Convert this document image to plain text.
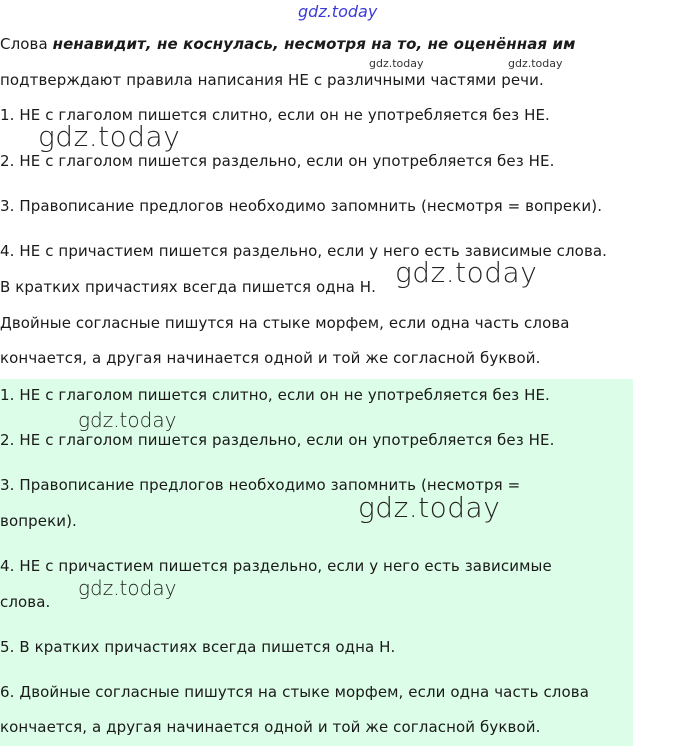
gdz.today
gdz.today	gdz.today
Слова ненавидит, не коснулась, несмотря на то, не оценённая им
подтверждают правила написания НЕ с различными частями речи.
1. НЕ с глаголом пишется слитно, если он не употребляется без НЕ.
gdz.today
2. НЕ с глаголом пишется раздельно, если он употребляется без НЕ.
3. Правописание предлогов необходимо запомнить (несмотря = вопреки).
4. НЕ с причастием пишется раздельно, если у него есть зависимые слова.
В кратких причастиях всегда пишется одна Н. gdz.today
Двойные согласные пишутся на стыке морфем, если одна часть слова
кончается, а другая начинается одной и той же согласной буквой.
1. НЕ с глаголом пишется слитно, если он не употребляется без НЕ.
gdz.today
2. НЕ с глаголом пишется раздельно, если он употребляется без НЕ.
3. Правописание предлогов необходимо запомнить (несмотря =
gdz.today
вопреки).
4. НЕ с причастием пишется раздельно, если у него есть зависимые
gdz.today
слова.
5. В кратких причастиях всегда пишется одна Н.
6. Двойные согласные пишутся на стыке морфем, если одна часть слова
кончается, а другая начинается одной и той же согласной буквой.
